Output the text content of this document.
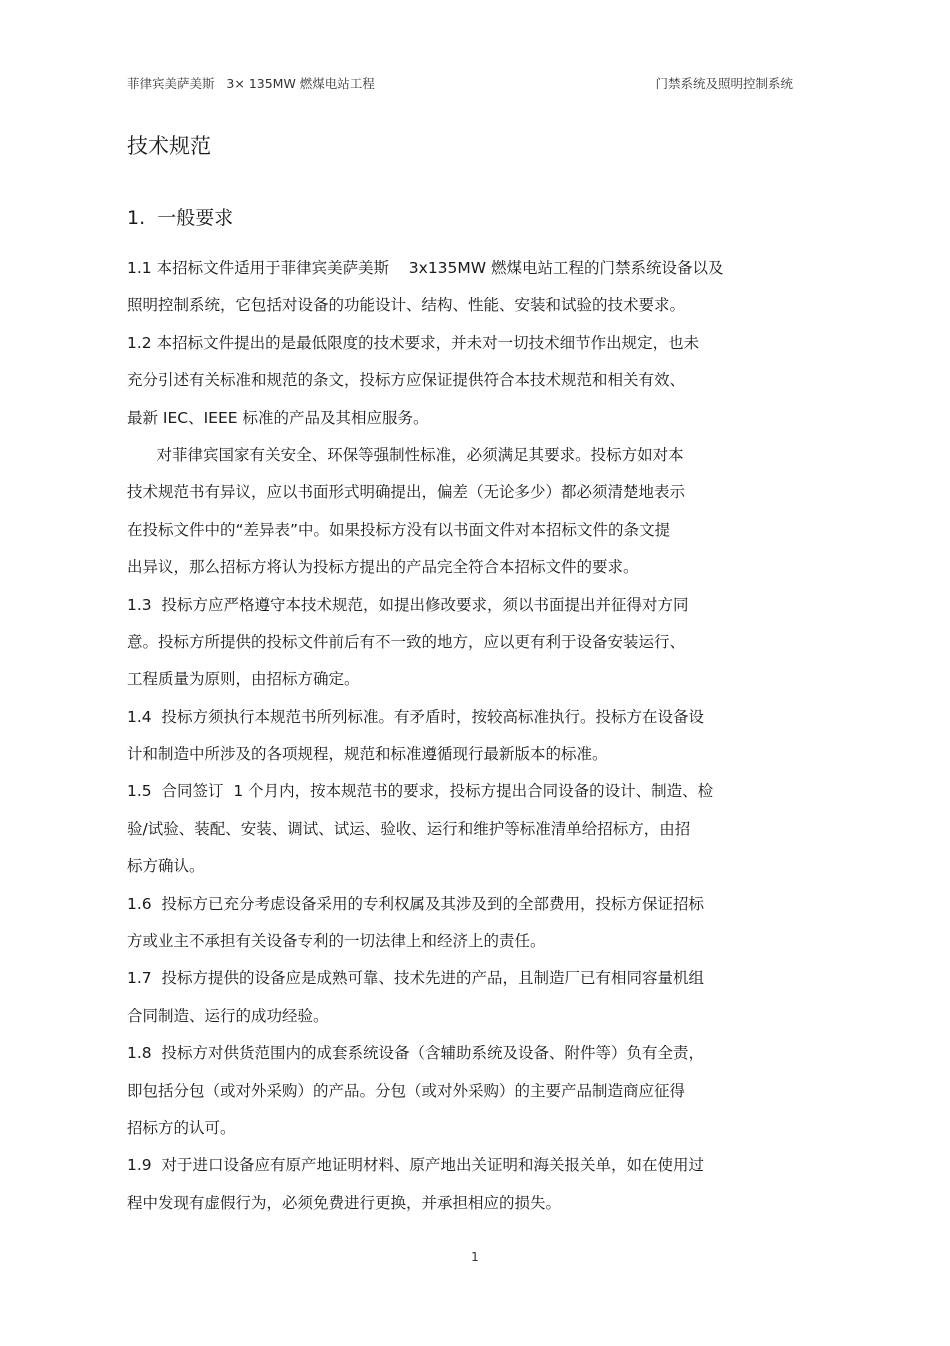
菲律宾美萨美斯   3× 135MW 燃煤电站工程	门禁系统及照明控制系统
技术规范
1.  一般要求
1.1 本招标文件适用于菲律宾美萨美斯    3x135MW 燃煤电站工程的门禁系统设备以及
照明控制系统，它包括对设备的功能设计、结构、性能、安装和试验的技术要求。
1.2 本招标文件提出的是最低限度的技术要求，并未对一切技术细节作出规定，也未
充分引述有关标准和规范的条文，投标方应保证提供符合本技术规范和相关有效、
最新 IEC、IEEE 标准的产品及其相应服务。
对菲律宾国家有关安全、环保等强制性标准，必须满足其要求。投标方如对本
技术规范书有异议，应以书面形式明确提出，偏差（无论多少）都必须清楚地表示
在投标文件中的“差异表”中。如果投标方没有以书面文件对本招标文件的条文提
出异议，那么招标方将认为投标方提出的产品完全符合本招标文件的要求。
1.3  投标方应严格遵守本技术规范，如提出修改要求，须以书面提出并征得对方同
意。投标方所提供的投标文件前后有不一致的地方，应以更有利于设备安装运行、
工程质量为原则，由招标方确定。
1.4  投标方须执行本规范书所列标准。有矛盾时，按较高标准执行。投标方在设备设
计和制造中所涉及的各项规程，规范和标准遵循现行最新版本的标准。
1.5  合同签订  1 个月内，按本规范书的要求，投标方提出合同设备的设计、制造、检
验/试验、装配、安装、调试、试运、验收、运行和维护等标准清单给招标方，由招
标方确认。
1.6  投标方已充分考虑设备采用的专利权属及其涉及到的全部费用，投标方保证招标
方或业主不承担有关设备专利的一切法律上和经济上的责任。
1.7  投标方提供的设备应是成熟可靠、技术先进的产品，且制造厂已有相同容量机组
合同制造、运行的成功经验。
1.8  投标方对供货范围内的成套系统设备（含辅助系统及设备、附件等）负有全责，
即包括分包（或对外采购）的产品。分包（或对外采购）的主要产品制造商应征得
招标方的认可。
1.9  对于进口设备应有原产地证明材料、原产地出关证明和海关报关单，如在使用过
程中发现有虚假行为，必须免费进行更换，并承担相应的损失。
1
